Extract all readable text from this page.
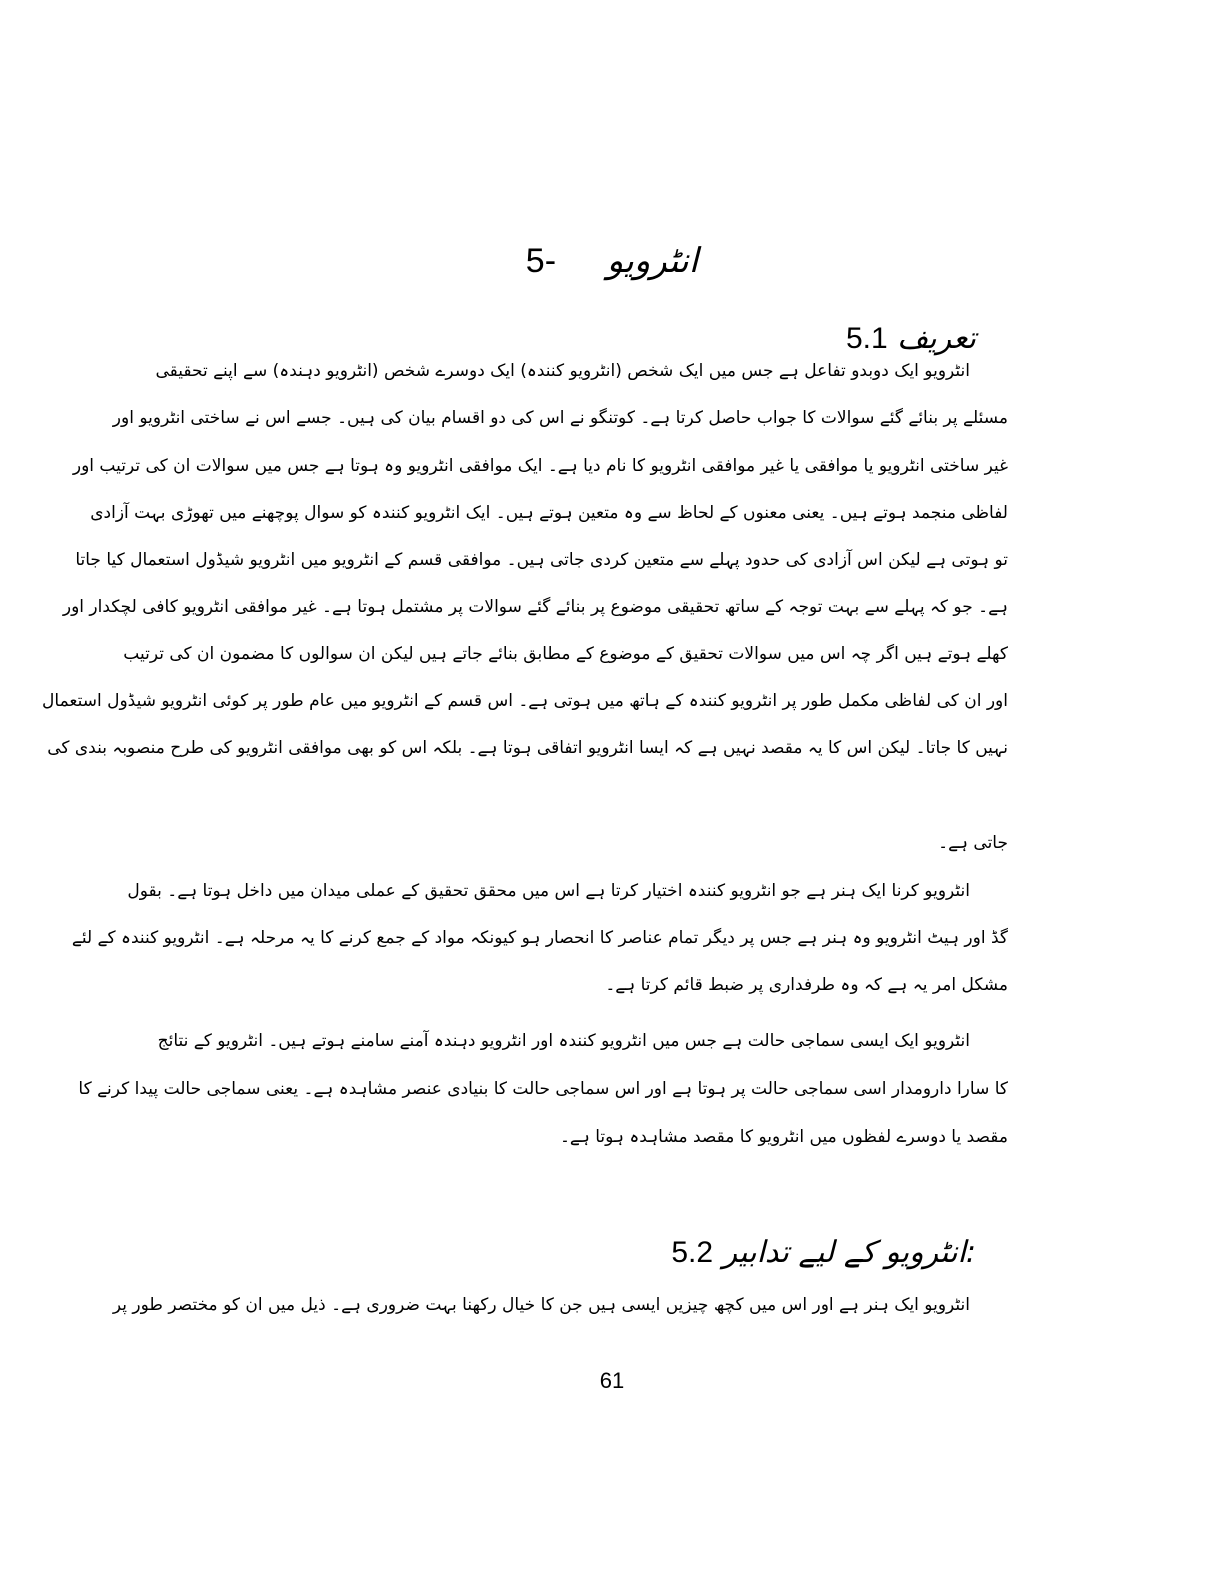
5- انٹرویو
5.1 تعریف
انٹرویو ایک دوبدو تفاعل ہے جس میں ایک شخص (انٹرویو کنندہ) ایک دوسرے شخص (انٹرویو دہندہ) سے اپنے تحقیقی
مسئلے پر بنائے گئے سوالات کا جواب حاصل کرتا ہے۔ کوتنگو نے اس کی دو اقسام بیان کی ہیں۔ جسے اس نے ساختی انٹرویو اور
غیر ساختی انٹرویو یا موافقی یا غیر موافقی انٹرویو کا نام دیا ہے۔ ایک موافقی انٹرویو وہ ہوتا ہے جس میں سوالات ان کی ترتیب اور
لفاظی منجمد ہوتے ہیں۔ یعنی معنوں کے لحاظ سے وہ متعین ہوتے ہیں۔ ایک انٹرویو کنندہ کو سوال پوچھنے میں تھوڑی بہت آزادی
تو ہوتی ہے لیکن اس آزادی کی حدود پہلے سے متعین کردی جاتی ہیں۔ موافقی قسم کے انٹرویو میں انٹرویو شیڈول استعمال کیا جاتا
ہے۔ جو کہ پہلے سے بہت توجہ کے ساتھ تحقیقی موضوع پر بنائے گئے سوالات پر مشتمل ہوتا ہے۔ غیر موافقی انٹرویو کافی لچکدار اور
کھلے ہوتے ہیں اگر چہ اس میں سوالات تحقیق کے موضوع کے مطابق بنائے جاتے ہیں لیکن ان سوالوں کا مضمون ان کی ترتیب
اور ان کی لفاظی مکمل طور پر انٹرویو کنندہ کے ہاتھ میں ہوتی ہے۔ اس قسم کے انٹرویو میں عام طور پر کوئی انٹرویو شیڈول استعمال
نہیں کا جاتا۔ لیکن اس کا یہ مقصد نہیں ہے کہ ایسا انٹرویو اتفاقی ہوتا ہے۔ بلکہ اس کو بھی موافقی انٹرویو کی طرح منصوبہ بندی کی
جاتی ہے۔
انٹرویو کرنا ایک ہنر ہے جو انٹرویو کنندہ اختیار کرتا ہے اس میں محقق تحقیق کے عملی میدان میں داخل ہوتا ہے۔ بقول
گڈ اور ہیٹ انٹرویو وہ ہنر ہے جس پر دیگر تمام عناصر کا انحصار ہو کیونکہ مواد کے جمع کرنے کا یہ مرحلہ ہے۔ انٹرویو کنندہ کے لئے
مشکل امر یہ ہے کہ وہ طرفداری پر ضبط قائم کرتا ہے۔
انٹرویو ایک ایسی سماجی حالت ہے جس میں انٹرویو کنندہ اور انٹرویو دہندہ آمنے سامنے ہوتے ہیں۔ انٹرویو کے نتائج
کا سارا دارومدار اسی سماجی حالت پر ہوتا ہے اور اس سماجی حالت کا بنیادی عنصر مشاہدہ ہے۔ یعنی سماجی حالت پیدا کرنے کا
مقصد یا دوسرے لفظوں میں انٹرویو کا مقصد مشاہدہ ہوتا ہے۔
5.2 انٹرویو کے لیے تدابیر:
انٹرویو ایک ہنر ہے اور اس میں کچھ چیزیں ایسی ہیں جن کا خیال رکھنا بہت ضروری ہے۔ ذیل میں ان کو مختصر طور پر
61
